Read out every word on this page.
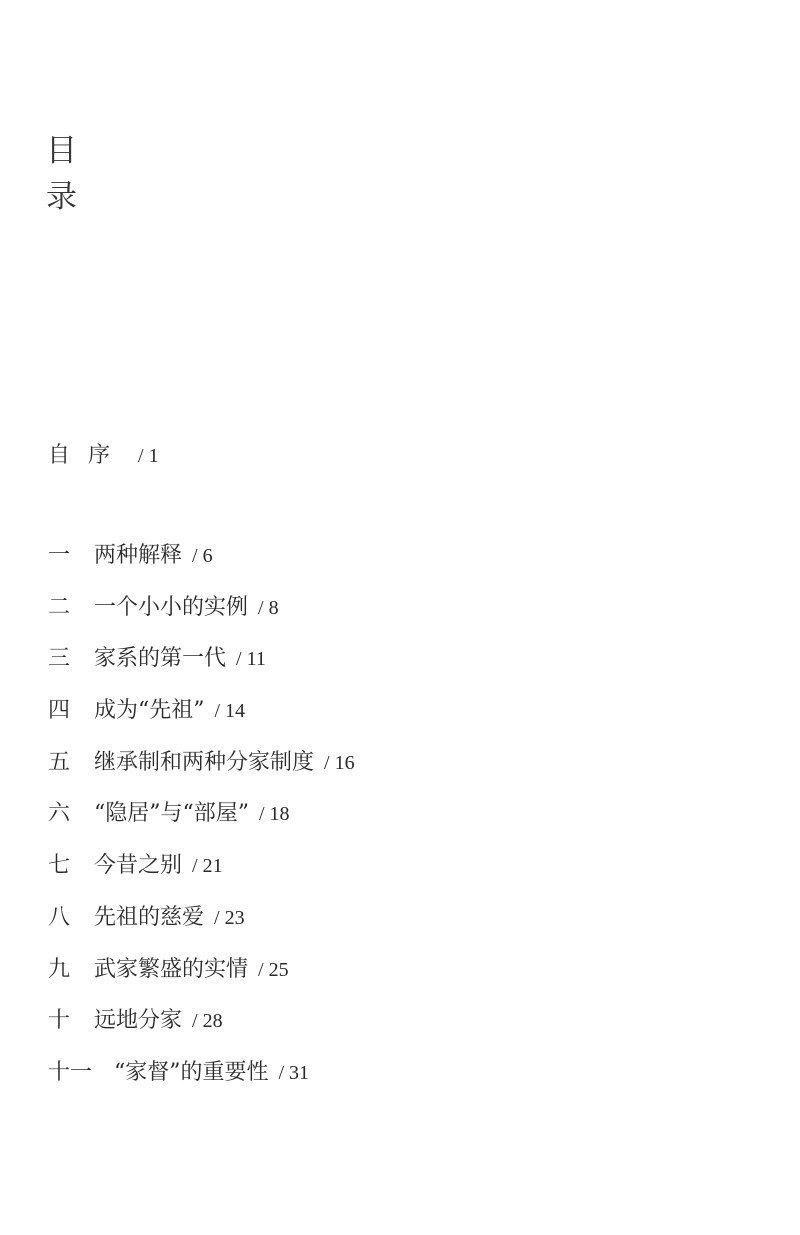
目
录
自序 / 1
一 两种解释 / 6
二 一个小小的实例 / 8
三 家系的第一代 / 11
四 成为“先祖” / 14
五 继承制和两种分家制度 / 16
六 “隐居”与“部屋” / 18
七 今昔之别 / 21
八 先祖的慈爱 / 23
九 武家繁盛的实情 / 25
十 远地分家 / 28
十一 “家督”的重要性 / 31
